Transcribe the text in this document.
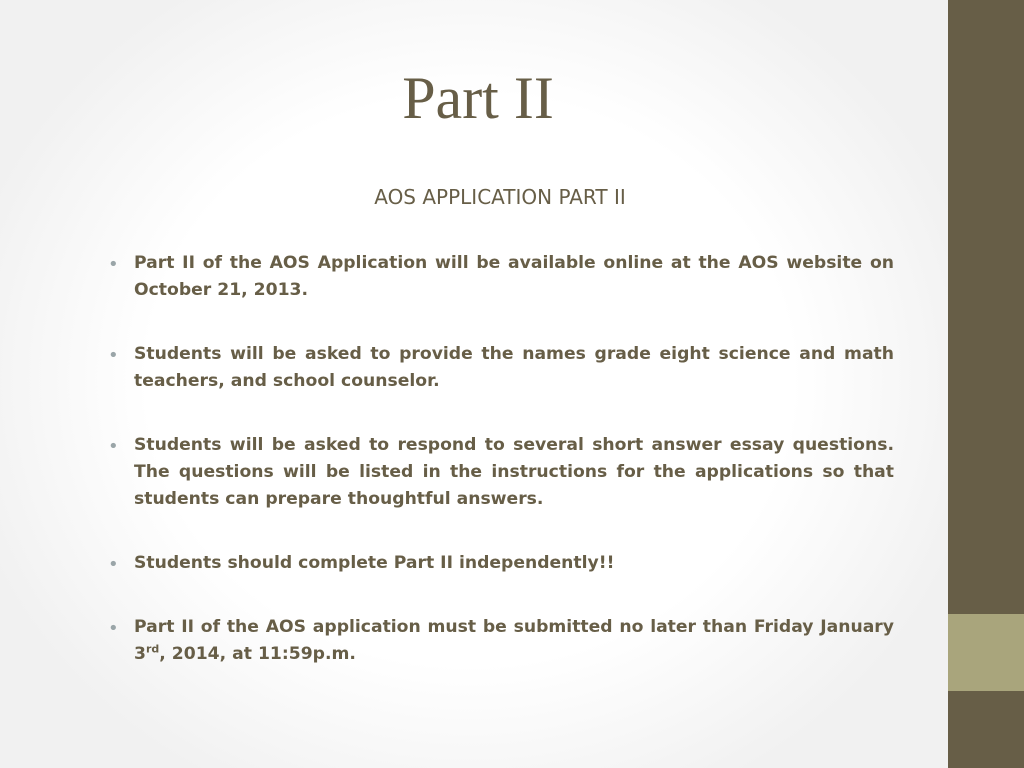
Part II
AOS APPLICATION PART II
• Part II of the AOS Application will be available online at the AOS website on October 21, 2013.
• Students will be asked to provide the names grade eight science and math teachers, and school counselor.
• Students will be asked to respond to several short answer essay questions. The questions will be listed in the instructions for the applications so that students can prepare thoughtful answers.
• Students should complete Part II independently!!
• Part II of the AOS application must be submitted no later than Friday January 3rd, 2014, at 11:59p.m.
